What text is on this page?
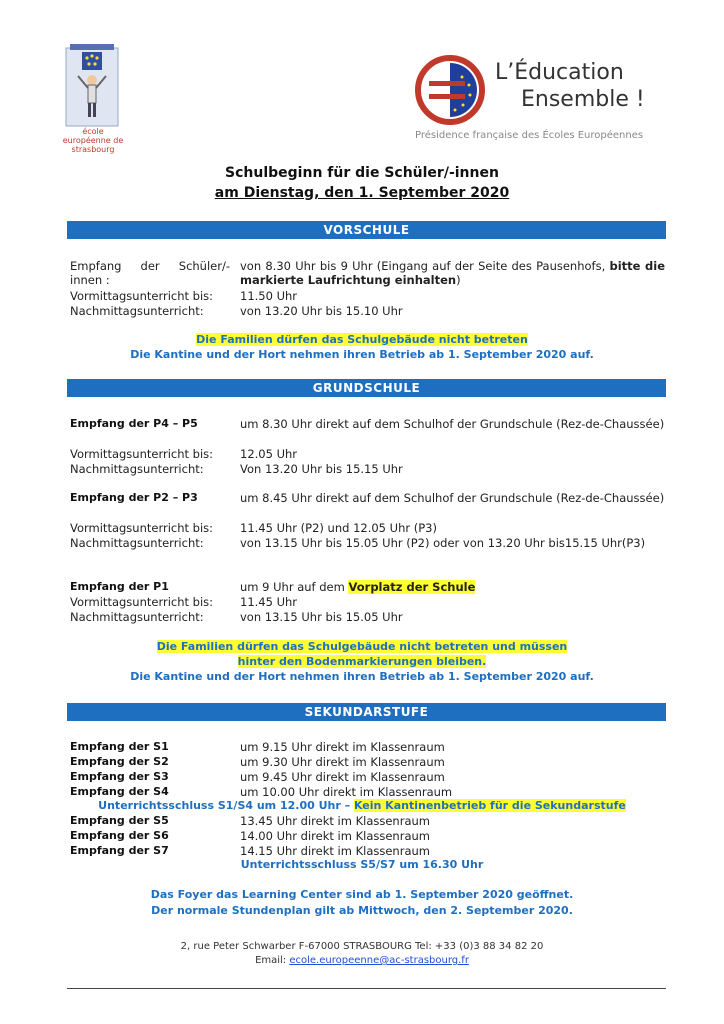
école européenne de strasbourg
L’Éducation
Ensemble !
Présidence française des Écoles Européennes
Schulbeginn für die Schüler/-innen
am Dienstag, den 1. September 2020
VORSCHULE
Empfang der Schüler/-innen :
von 8.30 Uhr bis 9 Uhr (Eingang auf der Seite des Pausenhofs, bitte die markierte Laufrichtung einhalten)
Vormittagsunterricht bis:	11.50 Uhr
Nachmittagsunterricht:	von 13.20 Uhr bis 15.10 Uhr
Die Familien dürfen das Schulgebäude nicht betreten
Die Kantine und der Hort nehmen ihren Betrieb ab 1. September 2020 auf.
GRUNDSCHULE
Empfang der P4 – P5	um 8.30 Uhr direkt auf dem Schulhof der Grundschule (Rez-de-Chaussée)
Vormittagsunterricht bis:	12.05 Uhr
Nachmittagsunterricht:	Von 13.20 Uhr bis 15.15 Uhr
Empfang der P2 – P3	um 8.45 Uhr direkt auf dem Schulhof der Grundschule (Rez-de-Chaussée)
Vormittagsunterricht bis:	11.45 Uhr (P2) und 12.05 Uhr (P3)
Nachmittagsunterricht:	von 13.15 Uhr bis 15.05 Uhr (P2) oder von 13.20 Uhr bis15.15 Uhr(P3)
Empfang der P1	um 9 Uhr auf dem Vorplatz der Schule
Vormittagsunterricht bis:	11.45 Uhr
Nachmittagsunterricht:	von 13.15 Uhr bis 15.05 Uhr
Die Familien dürfen das Schulgebäude nicht betreten und müssen
hinter den Bodenmarkierungen bleiben.
Die Kantine und der Hort nehmen ihren Betrieb ab 1. September 2020 auf.
SEKUNDARSTUFE
Empfang der S1	um 9.15 Uhr direkt im Klassenraum
Empfang der S2	um 9.30 Uhr direkt im Klassenraum
Empfang der S3	um 9.45 Uhr direkt im Klassenraum
Empfang der S4	um 10.00 Uhr direkt im Klassenraum
Unterrichtsschluss S1/S4 um 12.00 Uhr – Kein Kantinenbetrieb für die Sekundarstufe
Empfang der S5	13.45 Uhr direkt im Klassenraum
Empfang der S6	14.00 Uhr direkt im Klassenraum
Empfang der S7	14.15 Uhr direkt im Klassenraum
Unterrichtsschluss S5/S7 um 16.30 Uhr
Das Foyer das Learning Center sind ab 1. September 2020 geöffnet.
Der normale Stundenplan gilt ab Mittwoch, den 2. September 2020.
2, rue Peter Schwarber F-67000 STRASBOURG Tel: +33 (0)3 88 34 82 20
Email: ecole.europeenne@ac-strasbourg.fr
